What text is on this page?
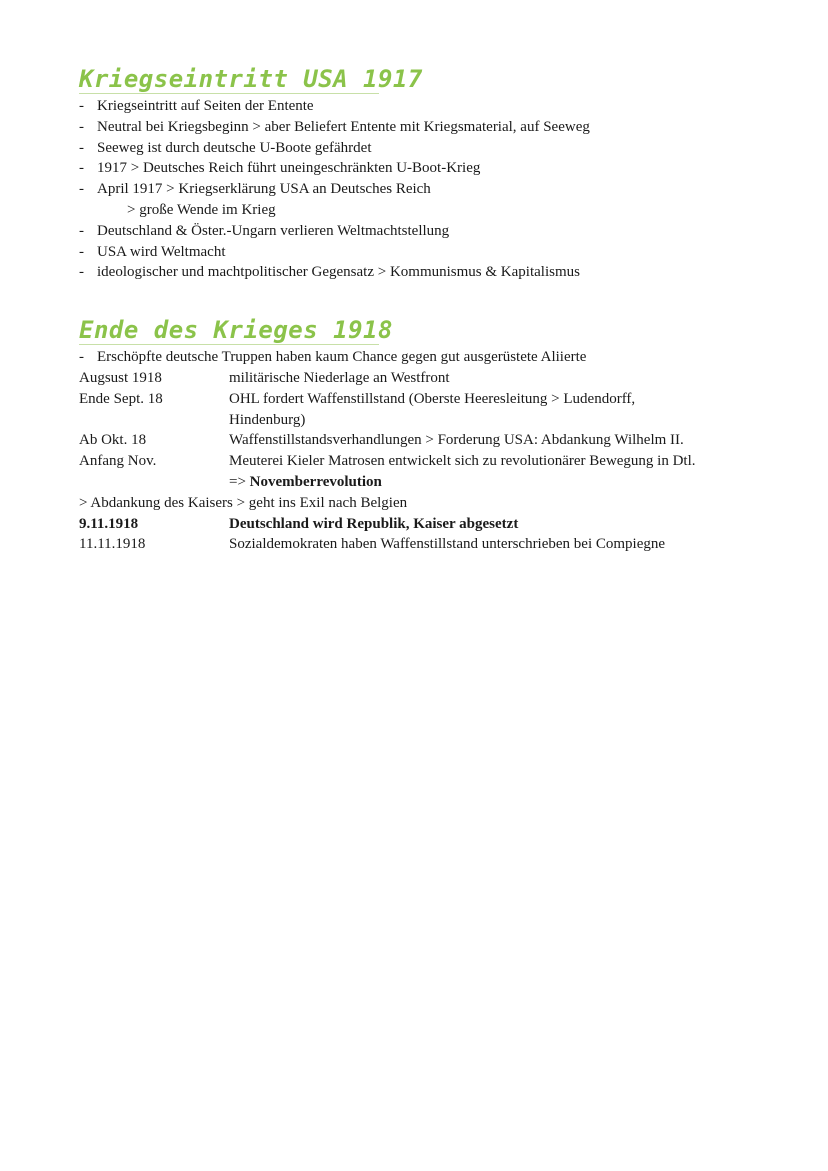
Kriegseintritt USA 1917
- Kriegseintritt auf Seiten der Entente
- Neutral bei Kriegsbeginn > aber Beliefert Entente mit Kriegsmaterial, auf Seeweg
- Seeweg ist durch deutsche U-Boote gefährdet
- 1917 > Deutsches Reich führt uneingeschränkten U-Boot-Krieg
- April 1917 > Kriegserklärung USA an Deutsches Reich
> große Wende im Krieg
- Deutschland & Öster.-Ungarn verlieren Weltmachtstellung
- USA wird Weltmacht
- ideologischer und machtpolitischer Gegensatz > Kommunismus & Kapitalismus
Ende des Krieges 1918
- Erschöpfte deutsche Truppen haben kaum Chance gegen gut ausgerüstete Aliierte
Augsust 1918	militärische Niederlage an Westfront
Ende Sept. 18	OHL fordert Waffenstillstand (Oberste Heeresleitung > Ludendorff,
Hindenburg)
Ab Okt. 18	Waffenstillstandsverhandlungen > Forderung USA: Abdankung Wilhelm II.
Anfang Nov.	Meuterei Kieler Matrosen entwickelt sich zu revolutionärer Bewegung in Dtl.
=> Novemberrevolution
> Abdankung des Kaisers > geht ins Exil nach Belgien
9.11.1918	Deutschland wird Republik, Kaiser abgesetzt
11.11.1918	Sozialdemokraten haben Waffenstillstand unterschrieben bei Compiegne
